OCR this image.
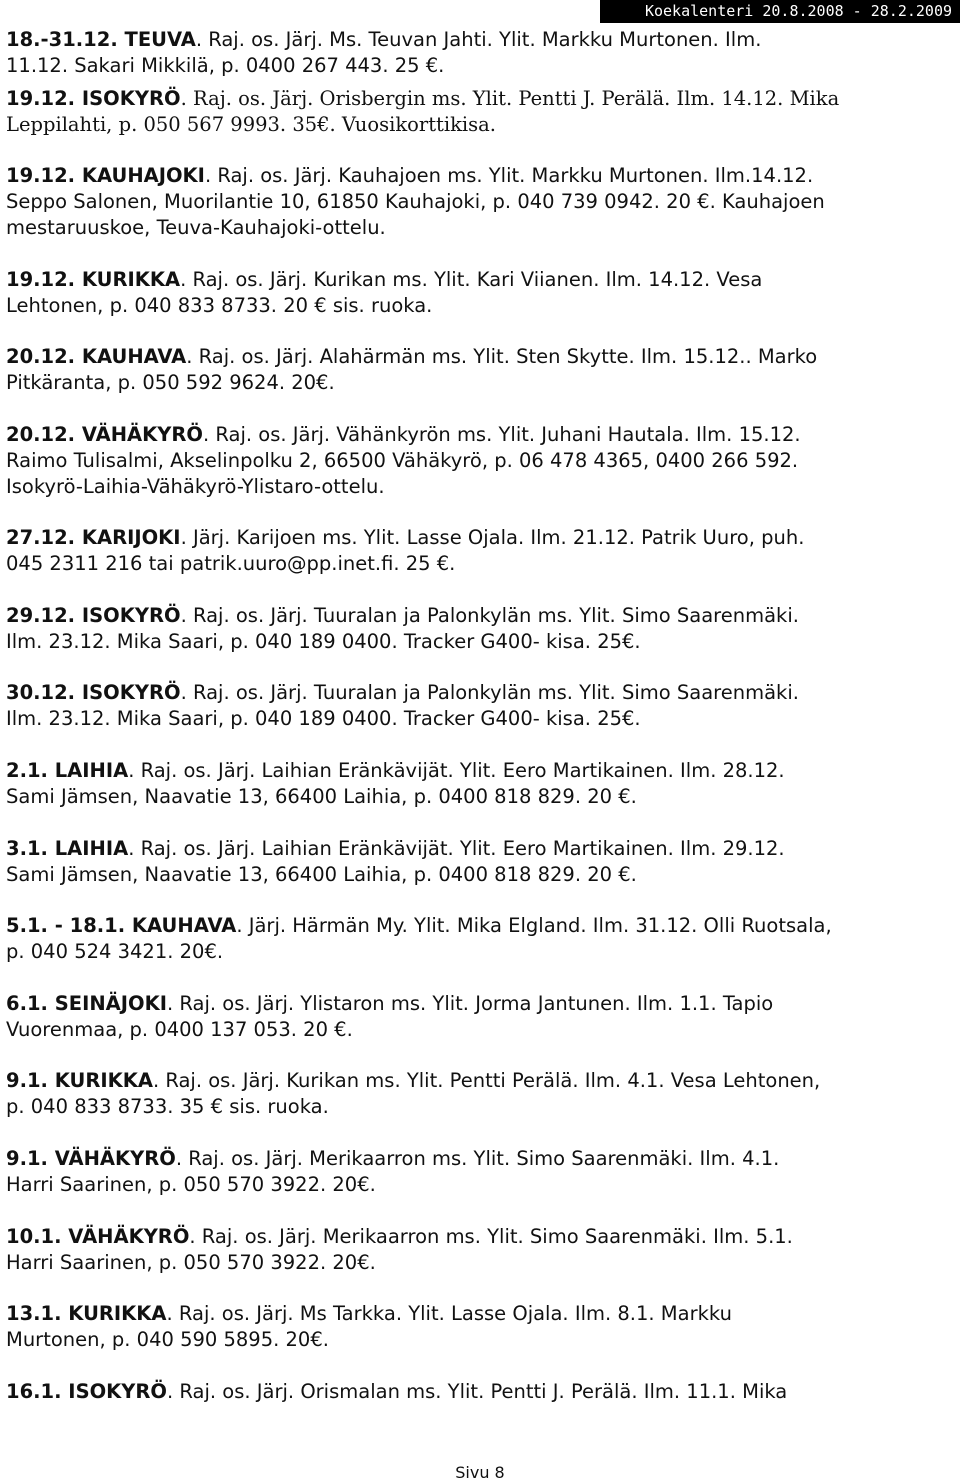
Koekalenteri 20.8.2008 - 28.2.2009
18.-31.12. TEUVA. Raj. os. Järj. Ms. Teuvan Jahti. Ylit. Markku Murtonen. Ilm.
11.12. Sakari Mikkilä, p. 0400 267 443. 25 €.
19.12. ISOKYRÖ. Raj. os. Järj. Orisbergin ms. Ylit. Pentti J. Perälä. Ilm. 14.12. Mika
Leppilahti, p. 050 567 9993. 35€. Vuosikorttikisa.
19.12. KAUHAJOKI. Raj. os. Järj. Kauhajoen ms. Ylit. Markku Murtonen. Ilm.14.12.
Seppo Salonen, Muorilantie 10, 61850 Kauhajoki, p. 040 739 0942. 20 €. Kauhajoen
mestaruuskoe, Teuva-Kauhajoki-ottelu.
19.12. KURIKKA. Raj. os. Järj. Kurikan ms. Ylit. Kari Viianen. Ilm. 14.12. Vesa
Lehtonen, p. 040 833 8733. 20 € sis. ruoka.
20.12. KAUHAVA. Raj. os. Järj. Alahärmän ms. Ylit. Sten Skytte. Ilm. 15.12.. Marko
Pitkäranta, p. 050 592 9624. 20€.
20.12. VÄHÄKYRÖ. Raj. os. Järj. Vähänkyrön ms. Ylit. Juhani Hautala. Ilm. 15.12.
Raimo Tulisalmi, Akselinpolku 2, 66500 Vähäkyrö, p. 06 478 4365, 0400 266 592.
Isokyrö-Laihia-Vähäkyrö-Ylistaro-ottelu.
27.12. KARIJOKI. Järj. Karijoen ms. Ylit. Lasse Ojala. Ilm. 21.12. Patrik Uuro, puh.
045 2311 216 tai patrik.uuro@pp.inet.fi. 25 €.
29.12. ISOKYRÖ. Raj. os. Järj. Tuuralan ja Palonkylän ms. Ylit. Simo Saarenmäki.
Ilm. 23.12. Mika Saari, p. 040 189 0400. Tracker G400- kisa. 25€.
30.12. ISOKYRÖ. Raj. os. Järj. Tuuralan ja Palonkylän ms. Ylit. Simo Saarenmäki.
Ilm. 23.12. Mika Saari, p. 040 189 0400. Tracker G400- kisa. 25€.
2.1. LAIHIA. Raj. os. Järj. Laihian Eränkävijät. Ylit. Eero Martikainen. Ilm. 28.12.
Sami Jämsen, Naavatie 13, 66400 Laihia, p. 0400 818 829. 20 €.
3.1. LAIHIA. Raj. os. Järj. Laihian Eränkävijät. Ylit. Eero Martikainen. Ilm. 29.12.
Sami Jämsen, Naavatie 13, 66400 Laihia, p. 0400 818 829. 20 €.
5.1. - 18.1. KAUHAVA. Järj. Härmän My. Ylit. Mika Elgland. Ilm. 31.12. Olli Ruotsala,
p. 040 524 3421. 20€.
6.1. SEINÄJOKI. Raj. os. Järj. Ylistaron ms. Ylit. Jorma Jantunen. Ilm. 1.1. Tapio
Vuorenmaa, p. 0400 137 053. 20 €.
9.1. KURIKKA. Raj. os. Järj. Kurikan ms. Ylit. Pentti Perälä. Ilm. 4.1. Vesa Lehtonen,
p. 040 833 8733. 35 € sis. ruoka.
9.1. VÄHÄKYRÖ. Raj. os. Järj. Merikaarron ms. Ylit. Simo Saarenmäki. Ilm. 4.1.
Harri Saarinen, p. 050 570 3922. 20€.
10.1. VÄHÄKYRÖ. Raj. os. Järj. Merikaarron ms. Ylit. Simo Saarenmäki. Ilm. 5.1.
Harri Saarinen, p. 050 570 3922. 20€.
13.1. KURIKKA. Raj. os. Järj. Ms Tarkka. Ylit. Lasse Ojala. Ilm. 8.1. Markku
Murtonen, p. 040 590 5895. 20€.
16.1. ISOKYRÖ. Raj. os. Järj. Orismalan ms. Ylit. Pentti J. Perälä. Ilm. 11.1. Mika
Sivu 8
